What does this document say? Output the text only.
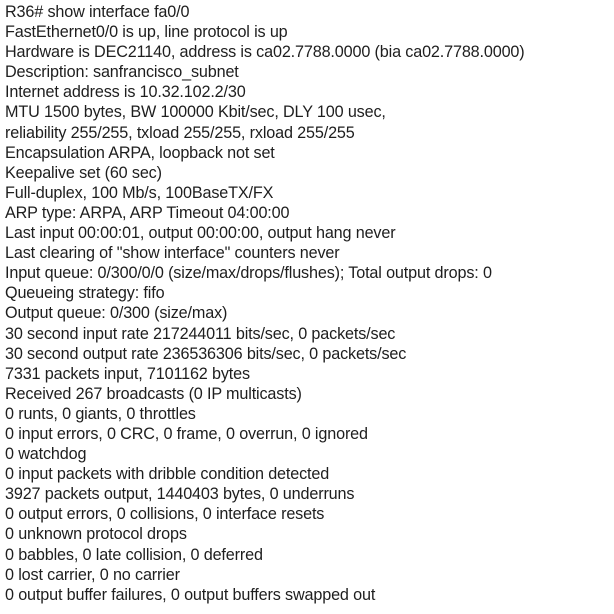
R36# show interface fa0/0
FastEthernet0/0 is up, line protocol is up
Hardware is DEC21140, address is ca02.7788.0000 (bia ca02.7788.0000)
Description: sanfrancisco_subnet
Internet address is 10.32.102.2/30
MTU 1500 bytes, BW 100000 Kbit/sec, DLY 100 usec,
reliability 255/255, txload 255/255, rxload 255/255
Encapsulation ARPA, loopback not set
Keepalive set (60 sec)
Full-duplex, 100 Mb/s, 100BaseTX/FX
ARP type: ARPA, ARP Timeout 04:00:00
Last input 00:00:01, output 00:00:00, output hang never
Last clearing of "show interface" counters never
Input queue: 0/300/0/0 (size/max/drops/flushes); Total output drops: 0
Queueing strategy: fifo
Output queue: 0/300 (size/max)
30 second input rate 217244011 bits/sec, 0 packets/sec
30 second output rate 236536306 bits/sec, 0 packets/sec
7331 packets input, 7101162 bytes
Received 267 broadcasts (0 IP multicasts)
0 runts, 0 giants, 0 throttles
0 input errors, 0 CRC, 0 frame, 0 overrun, 0 ignored
0 watchdog
0 input packets with dribble condition detected
3927 packets output, 1440403 bytes, 0 underruns
0 output errors, 0 collisions, 0 interface resets
0 unknown protocol drops
0 babbles, 0 late collision, 0 deferred
0 lost carrier, 0 no carrier
0 output buffer failures, 0 output buffers swapped out
